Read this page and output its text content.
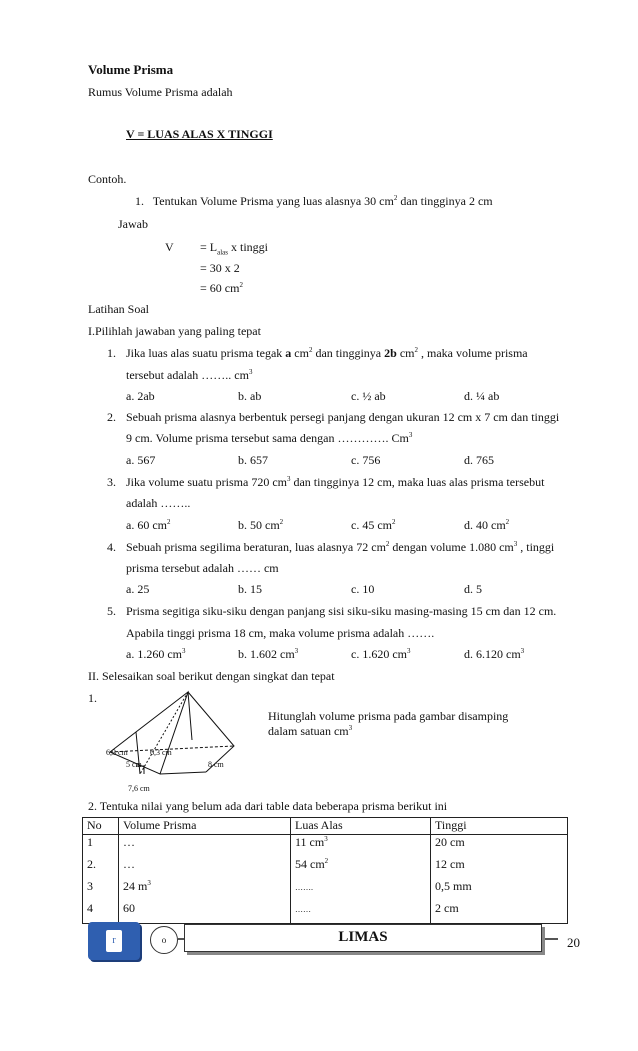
Volume Prisma
Rumus Volume Prisma adalah
V = LUAS ALAS X TINGGI
Contoh.
1. Tentukan Volume Prisma yang luas alasnya 30 $cm^2$ dan tingginya 2 cm
Jawab
$V = L_{alas}$ x tinggi
= 30 x 2
= 60 $cm^2$
Latihan Soal
I.Pilihlah jawaban yang paling tepat
1. Jika luas alas suatu prisma tegak a $cm^2$ dan tingginya 2b $cm^2$ , maka volume prisma
tersebut adalah …….. $cm^3$
a. 2ab	b. ab	c. ½ ab	d. ¼ ab
2. Sebuah prisma alasnya berbentuk persegi panjang dengan ukuran 12 cm x 7 cm dan tinggi
9 cm. Volume prisma tersebut sama dengan …………. Cm$^3$
a. 567	b. 657	c. 756	d. 765
3. Jika volume suatu prisma 720 $cm^3$ dan tingginya 12 cm, maka luas alas prisma tersebut
adalah ……..
a. 60 $cm^2$	b. 50 $cm^2$	c. 45 $cm^2$	d. 40 $cm^2$
4. Sebuah prisma segilima beraturan, luas alasnya 72 $cm^2$ dengan volume 1.080 $cm^3$ , tinggi
prisma tersebut adalah …… cm
a. 25	b. 15	c. 10	d. 5
5. Prisma segitiga siku-siku dengan panjang sisi siku-siku masing-masing 15 cm dan 12 cm.
Apabila tinggi prisma 18 cm, maka volume prisma adalah …….
a. 1.260 $cm^3$	b. 1.602 $cm^3$	c. 1.620 $cm^3$	d. 6.120 $cm^3$
II. Selesaikan soal berikut dengan singkat dan tepat
1.
6,3 cm	6,3 cm
5 cm	8 cm
7,6 cm
Hitunglah volume prisma pada gambar disamping
dalam satuan $cm^3$
2. Tentuka nilai yang belum ada dari table data beberapa prisma berikut ini
No	Volume Prisma	Luas Alas	Tinggi
1	…	11 $cm^3$	20 cm
2.	…	54 $cm^2$	12 cm
3	24 $m^3$	…….	0,5 mm
4	60	……	2 cm
r	o	LIMAS	20
